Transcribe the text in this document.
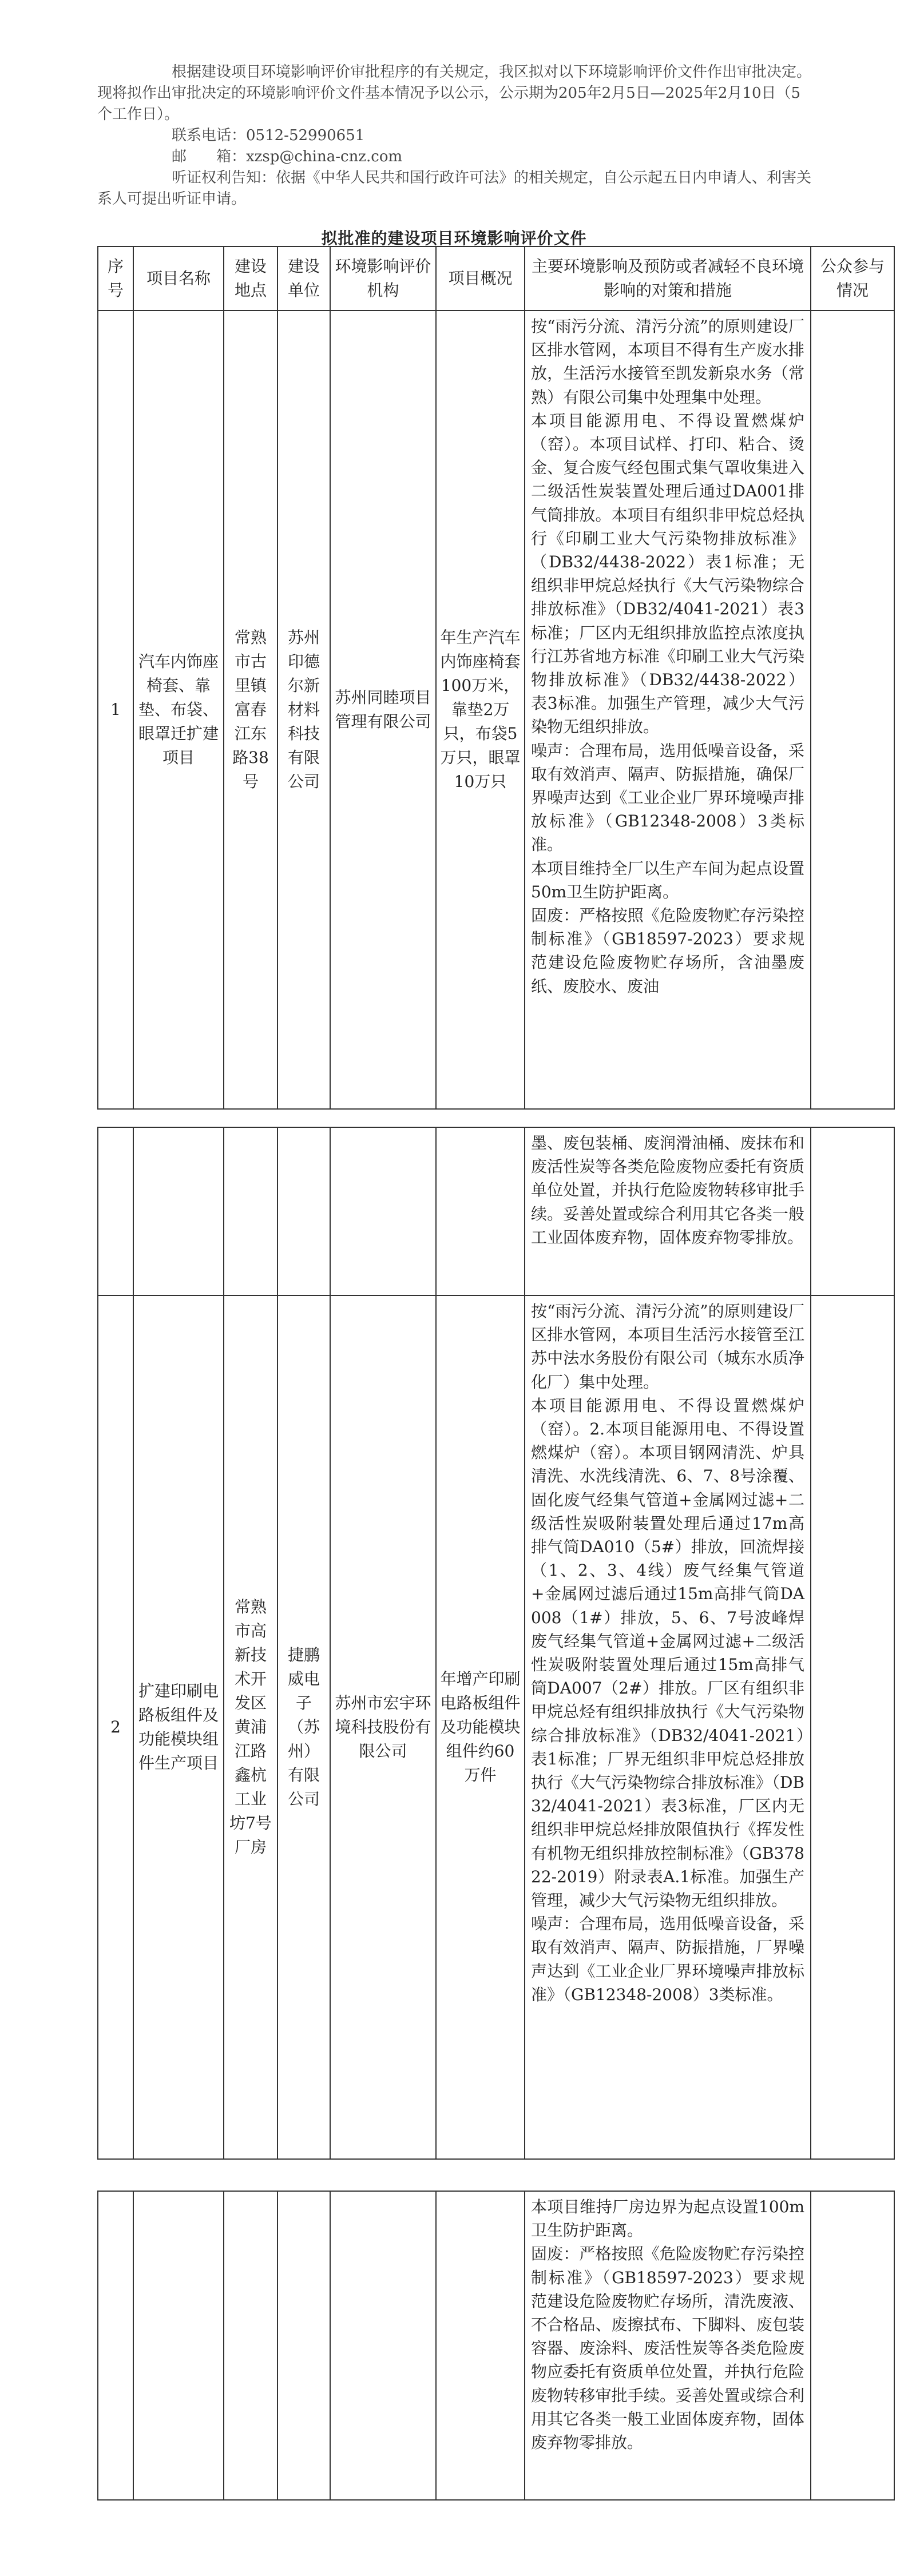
根据建设项目环境影响评价审批程序的有关规定，我区拟对以下环境影响评价文件作出审批决定。现将拟作出审批决定的环境影响评价文件基本情况予以公示，公示期为205年2月5日—2025年2月10日（5个工作日）。

联系电话：0512-52990651

邮　　箱：xzsp@china-cnz.com

听证权利告知：依据《中华人民共和国行政许可法》的相关规定，自公示起五日内申请人、利害关系人可提出听证申请。

拟批准的建设项目环境影响评价文件
序号	项目名称	建设地点	建设单位	环境影响评价机构	项目概况	主要环境影响及预防或者减轻不良环境影响的对策和措施	公众参与情况
1	汽车内饰座椅套、靠垫、布袋、眼罩迁扩建项目	常熟市古里镇富春江东路38号	苏州印德尔新材料科技有限公司	苏州同睦项目管理有限公司	年生产汽车内饰座椅套100万米，靠垫2万只，布袋5万只，眼罩10万只	按“雨污分流、清污分流”的原则建设厂区排水管网，本项目不得有生产废水排放，生活污水接管至凯发新泉水务（常熟）有限公司集中处理集中处理。

本项目能源用电、不得设置燃煤炉（窑）。本项目试样、打印、粘合、烫金、复合废气经包围式集气罩收集进入二级活性炭装置处理后通过DA001排气筒排放。本项目有组织非甲烷总烃执行《印刷工业大气污染物排放标准》（DB32/4438-2022）表1标准；无组织非甲烷总烃执行《大气污染物综合排放标准》（DB32/4041-2021）表3标准；厂区内无组织排放监控点浓度执行江苏省地方标准《印刷工业大气污染物排放标准》（DB32/4438-2022）表3标准。加强生产管理，减少大气污染物无组织排放。

噪声：合理布局，选用低噪音设备，采取有效消声、隔声、防振措施，确保厂界噪声达到《工业企业厂界环境噪声排放标准》（GB12348-2008）3类标准。

本项目维持全厂以生产车间为起点设置50m卫生防护距离。

固废：严格按照《危险废物贮存污染控制标准》（GB18597-2023）要求规范建设危险废物贮存场所，含油墨废纸、废胶水、废油	

						墨、废包装桶、废润滑油桶、废抹布和废活性炭等各类危险废物应委托有资质单位处置，并执行危险废物转移审批手续。妥善处置或综合利用其它各类一般工业固体废弃物，固体废弃物零排放。	

2	扩建印刷电路板组件及功能模块组件生产项目	常熟市高新技术开发区黄浦江路鑫杭工业坊7号厂房	捷鹏威电子（苏州）有限公司	苏州市宏宇环境科技股份有限公司	年增产印刷电路板组件及功能模块组件约60万件	按“雨污分流、清污分流”的原则建设厂区排水管网，本项目生活污水接管至江苏中法水务股份有限公司（城东水质净化厂）集中处理。

本项目能源用电、不得设置燃煤炉（窑）。2.本项目能源用电、不得设置燃煤炉（窑）。本项目钢网清洗、炉具清洗、水洗线清洗、6、7、8号涂覆、固化废气经集气管道+金属网过滤+二级活性炭吸附装置处理后通过17m高排气筒DA010（5#）排放，回流焊接（1、2、3、4线）废气经集气管道+金属网过滤后通过15m高排气筒DA008（1#）排放，5、6、7号波峰焊废气经集气管道+金属网过滤+二级活性炭吸附装置处理后通过15m高排气筒DA007（2#）排放。厂区有组织非甲烷总烃有组织排放执行《大气污染物综合排放标准》（DB32/4041-2021）表1标准；厂界无组织非甲烷总烃排放执行《大气污染物综合排放标准》（DB32/4041-2021）表3标准，厂区内无组织非甲烷总烃排放限值执行《挥发性有机物无组织排放控制标准》（GB37822-2019）附录表A.1标准。加强生产管理，减少大气污染物无组织排放。

噪声：合理布局，选用低噪音设备，采取有效消声、隔声、防振措施，厂界噪声达到《工业企业厂界环境噪声排放标准》（GB12348-2008）3类标准。	

本项目维持厂房边界为起点设置100m卫生防护距离。

固废：严格按照《危险废物贮存污染控制标准》（GB18597-2023）要求规范建设危险废物贮存场所，清洗废液、不合格品、废擦拭布、下脚料、废包装容器、废涂料、废活性炭等各类危险废物应委托有资质单位处置，并执行危险废物转移审批手续。妥善处置或综合利用其它各类一般工业固体废弃物，固体废弃物零排放。
